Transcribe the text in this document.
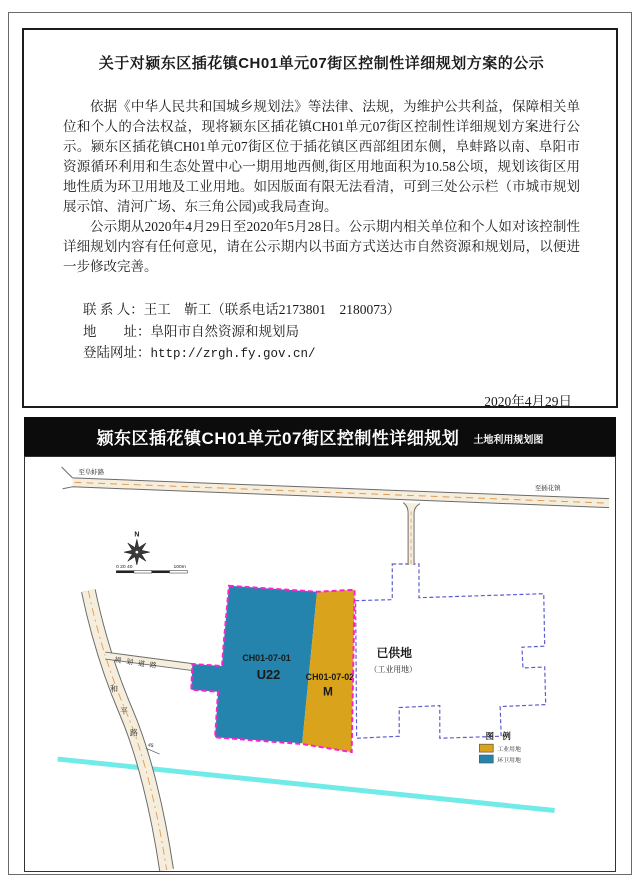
关于对颍东区插花镇CH01单元07街区控制性详细规划方案的公示

依据《中华人民共和国城乡规划法》等法律、法规，为维护公共利益，保障相关单位和个人的合法权益，现将颍东区插花镇CH01单元07街区控制性详细规划方案进行公示。颍东区插花镇CH01单元07街区位于插花镇区西部组团东侧，阜蚌路以南、阜阳市资源循环利用和生态处置中心一期用地西侧,街区用地面积为10.58公顷，规划该街区用地性质为环卫用地及工业用地。如因版面有限无法看清，可到三处公示栏（市城市规划展示馆、清河广场、东三角公园)或我局查询。

公示期从2020年4月29日至2020年5月28日。公示期内相关单位和个人如对该控制性详细规划内容有任何意见，请在公示期内以书面方式送达市自然资源和规划局，以便进一步修改完善。

联 系 人：王工　靳工（联系电话2173801　2180073）
地　　址：阜阳市自然资源和规划局
登陆网址：http://zrgh.fy.gov.cn/
2020年4月29日
颍东区插花镇CH01单元07街区控制性详细规划 土地利用规划图
已供地
（工业用地）
至阜蚌路
至插花镇
和
平
路
45
规划道路	CH01-07-01
U22	CH01-07-02
M
N
0 20 40	100m
图　例
工业用地
环卫用地
